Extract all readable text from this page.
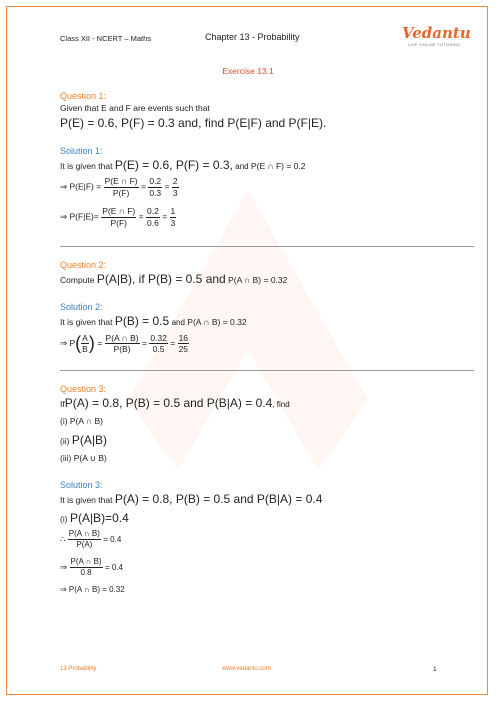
Class XII - NCERT – Maths	Chapter 13 - Probability	Vedantu
LIVE ONLINE TUTORING
Exercise 13.1
Question 1:
Given that E and F are events such that
P(E) = 0.6, P(F) = 0.3 and, find P(E|F) and P(F|E).
Solution 1:
It is given that P(E) = 0.6, P(F) = 0.3, and P(E ∩ F) = 0.2
⇒ $P(E|F) = \frac{P(E \cap F)}{P(F)} = \frac{0.2}{0.3} = \frac{2}{3}$
⇒ $P(F|E)= \frac{P(E \cap F)}{P(F)} = \frac{0.2}{0.6} = \frac{1}{3}$
Question 2:
Compute P(A|B), if P(B) = 0.5 and P(A ∩ B) = 0.32
Solution 2:
It is given that P(B) = 0.5 and P(A ∩ B) = 0.32
⇒ $P( \frac{A}{B}$ ) = $\frac{P(A \cap B)}{P(B)} = \frac{0.32}{0.5} = \frac{16}{25}$
Question 3:
IfP(A) = 0.8, P(B) = 0.5 and P(B|A) = 0.4, find
(i) P(A ∩ B)
(ii) P(A|B)
(iii) P(A ∪ B)
Solution 3:
It is given that P(A) = 0.8, P(B) = 0.5 and P(B|A) = 0.4
(i) P(A|B)=0.4
∴ $\frac{P(A \cap B)}{P(A)} = 0.4$
⇒ $\frac{P(A \cap B)}{0.8} = 0.4$
⇒ P(A ∩ B) = 0.32
13.Probability	www.vedantu.com	1
